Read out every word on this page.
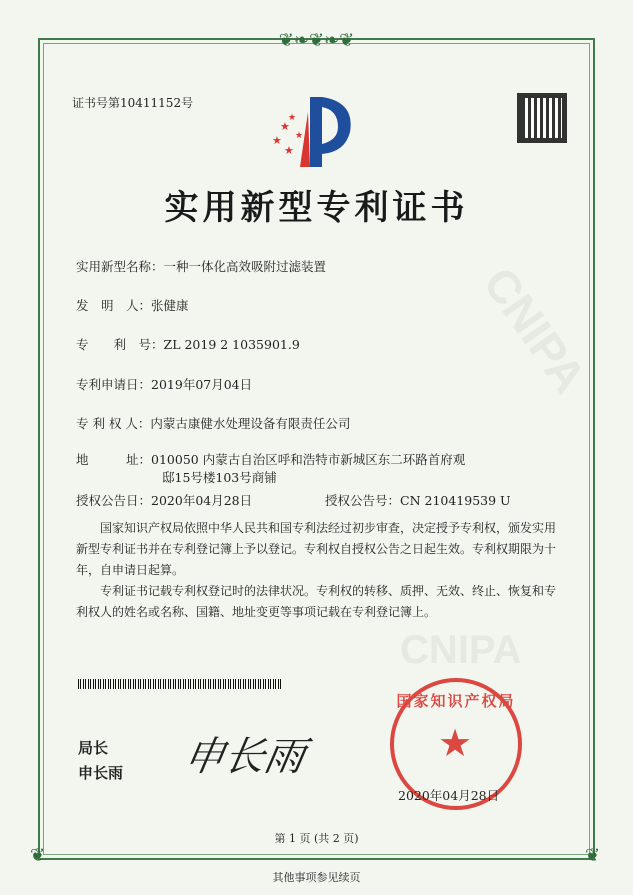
❦❧❦❧❦
❦	❦
CNIPA
CNIPA
证书号第10411152号
★
★
★
★
★
实用新型专利证书
实用新型名称：一种一体化高效吸附过滤装置
发　明　人：张健康
专　　利　号：ZL 2019 2 1035901.9
专利申请日：2019年07月04日
专 利 权 人：内蒙古康健水处理设备有限责任公司
地　　　址：010050 内蒙古自治区呼和浩特市新城区东二环路首府观
邸15号楼103号商铺
授权公告日：2020年04月28日	授权公告号：CN 210419539 U
国家知识产权局依照中华人民共和国专利法经过初步审查，决定授予专利权，颁发实用新型专利证书并在专利登记簿上予以登记。专利权自授权公告之日起生效。专利权期限为十年，自申请日起算。
专利证书记载专利权登记时的法律状况。专利权的转移、质押、无效、终止、恢复和专利权人的姓名或名称、国籍、地址变更等事项记载在专利登记簿上。
局长
申长雨 申长雨
国家知识产权局
★
2020年04月28日
第 1 页 (共 2 页)
其他事项参见续页
